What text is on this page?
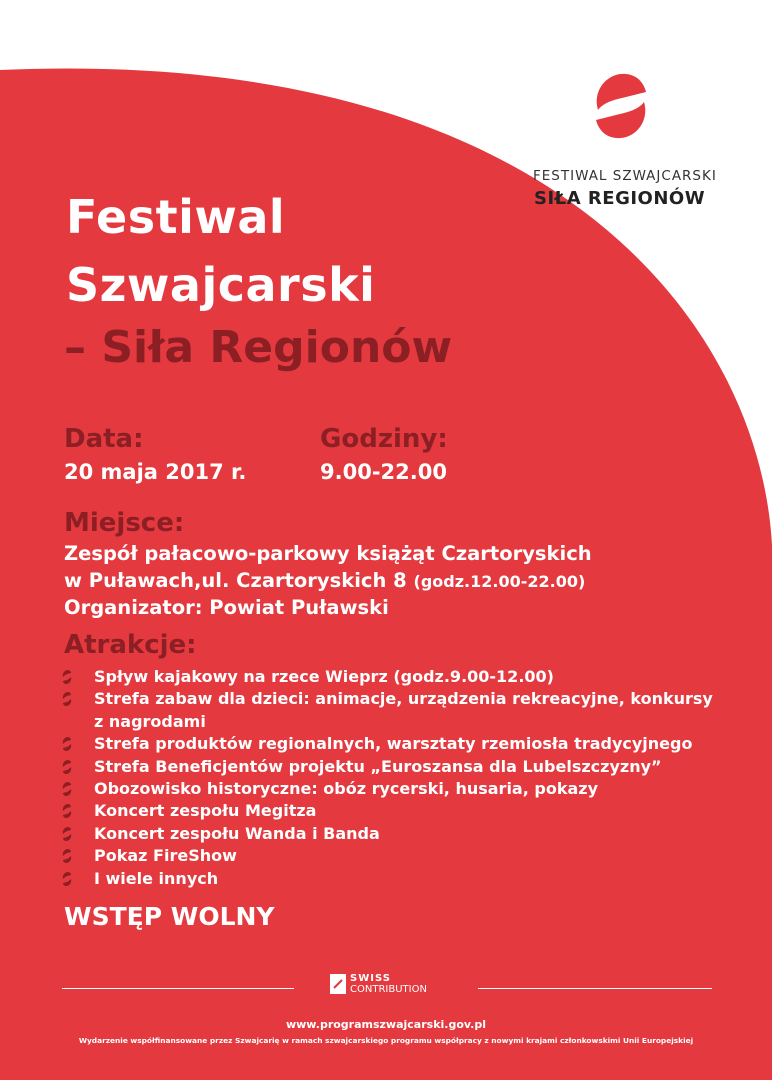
FESTIWAL SZWAJCARSKI
SIŁA REGIONÓW
Festiwal
Szwajcarski
– Siła Regionów
Data:
20 maja 2017 r.
Godziny:
9.00-22.00
Miejsce:
Zespół pałacowo-parkowy książąt Czartoryskich
w Puławach,ul. Czartoryskich 8 (godz.12.00-22.00)
Organizator: Powiat Puławski
Atrakcje:
Spływ kajakowy na rzece Wieprz (godz.9.00-12.00)
Strefa zabaw dla dzieci: animacje, urządzenia rekreacyjne, konkursy z nagrodami
Strefa produktów regionalnych, warsztaty rzemiosła tradycyjnego
Strefa Beneficjentów projektu „Euroszansa dla Lubelszczyzny”
Obozowisko historyczne: obóz rycerski, husaria, pokazy
Koncert zespołu Megitza
Koncert zespołu Wanda i Banda
Pokaz FireShow
I wiele innych
WSTĘP WOLNY
SWISS
CONTRIBUTION
www.programszwajcarski.gov.pl
Wydarzenie współfinansowane przez Szwajcarię w ramach szwajcarskiego programu współpracy z nowymi krajami członkowskimi Unii Europejskiej
